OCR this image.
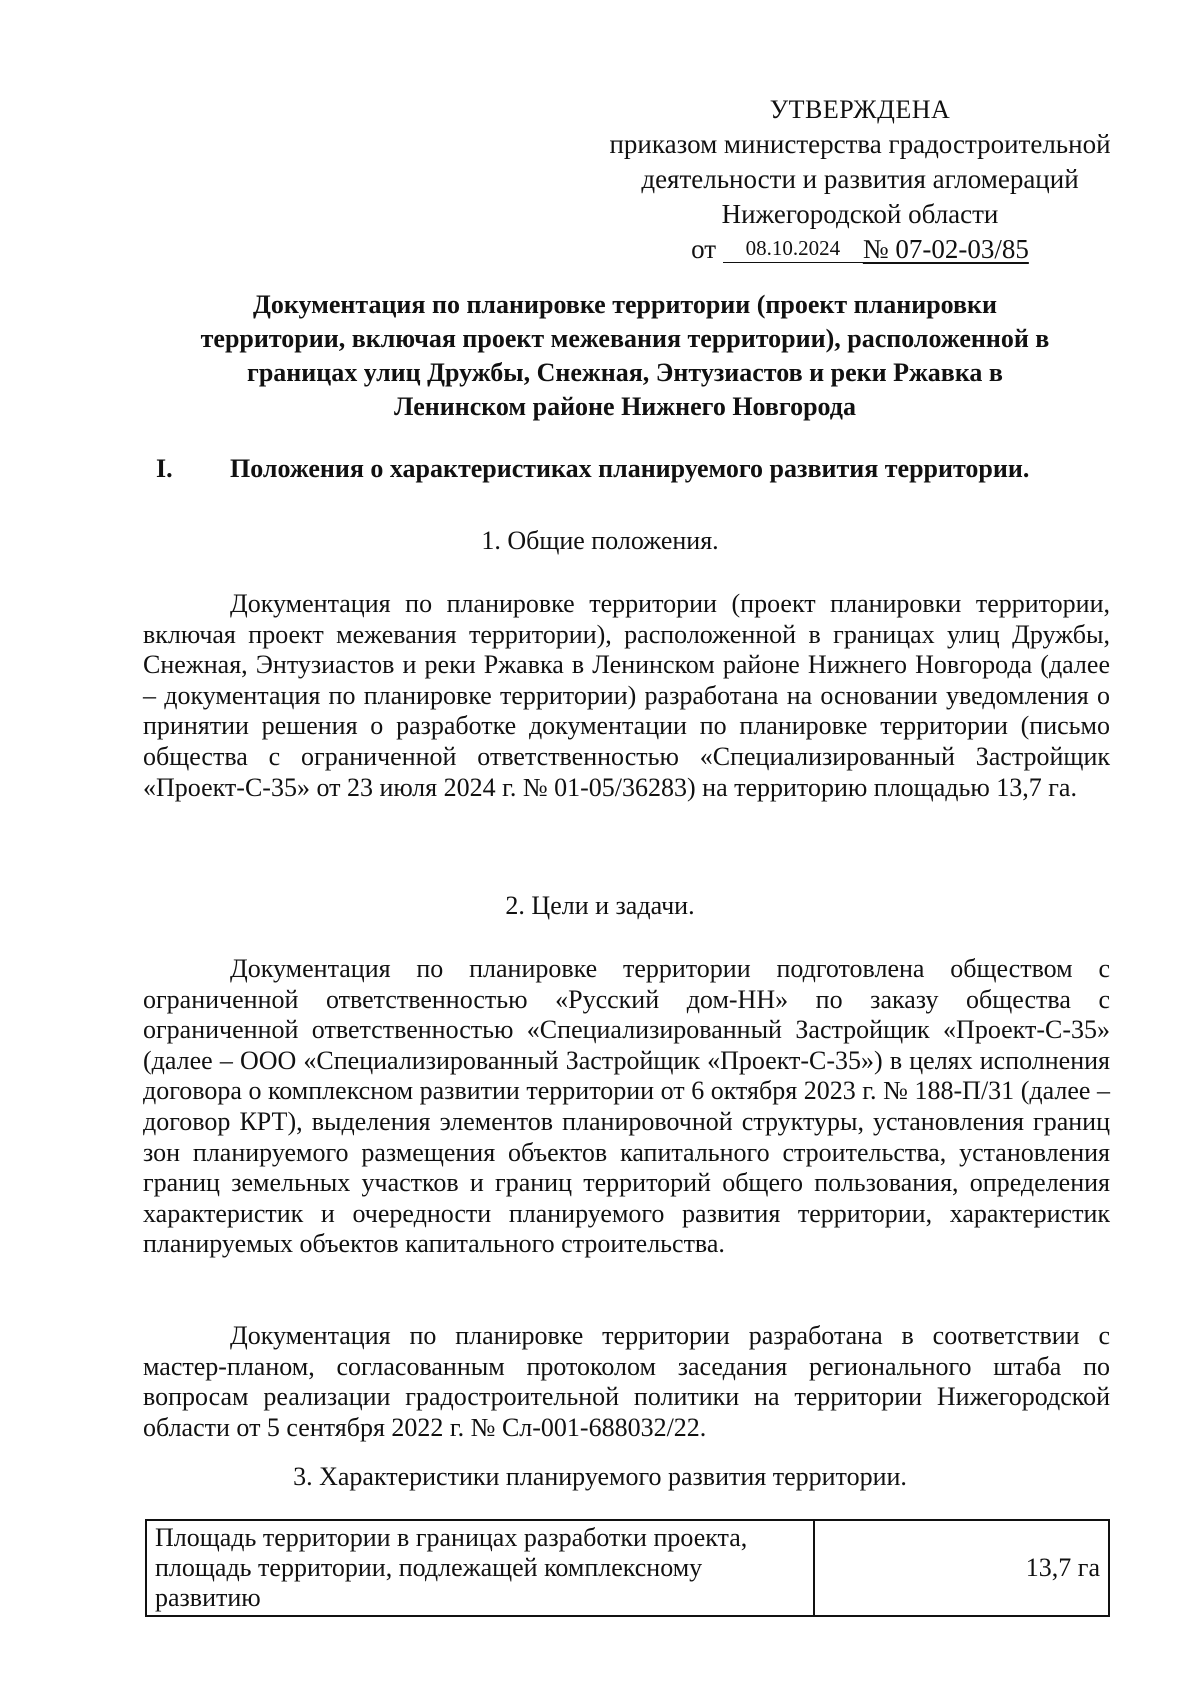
УТВЕРЖДЕНА
приказом министерства градостроительной
деятельности и развития агломераций
Нижегородской области
от 08.10.2024 № 07-02-03/85
Документация по планировке территории (проект планировки
территории, включая проект межевания территории), расположенной в
границах улиц Дружбы, Снежная, Энтузиастов и реки Ржавка в
Ленинском районе Нижнего Новгорода
I. Положения о характеристиках планируемого развития территории.
1. Общие положения.
Документация по планировке территории (проект планировки территории, включая проект межевания территории), расположенной в границах улиц Дружбы, Снежная, Энтузиастов и реки Ржавка в Ленинском районе Нижнего Новгорода (далее – документация по планировке территории) разработана на основании уведомления о принятии решения о разработке документации по планировке территории (письмо общества с ограниченной ответственностью «Специализированный Застройщик «Проект-С-35» от 23 июля 2024 г. № 01-05/36283) на территорию площадью 13,7 га.
2. Цели и задачи.
Документация по планировке территории подготовлена обществом с ограниченной ответственностью «Русский дом-НН» по заказу общества с ограниченной ответственностью «Специализированный Застройщик «Проект-С-35» (далее – ООО «Специализированный Застройщик «Проект-С-35») в целях исполнения договора о комплексном развитии территории от 6 октября 2023 г. № 188-П/31 (далее – договор КРТ), выделения элементов планировочной структуры, установления границ зон планируемого размещения объектов капитального строительства, установления границ земельных участков и границ территорий общего пользования, определения характеристик и очередности планируемого развития территории, характеристик планируемых объектов капитального строительства.
Документация по планировке территории разработана в соответствии с мастер-планом, согласованным протоколом заседания регионального штаба по вопросам реализации градостроительной политики на территории Нижегородской области от 5 сентября 2022 г. № Сл-001-688032/22.
3. Характеристики планируемого развития территории.
Площадь территории в границах разработки проекта, площадь территории, подлежащей комплексному развитию	13,7 га
